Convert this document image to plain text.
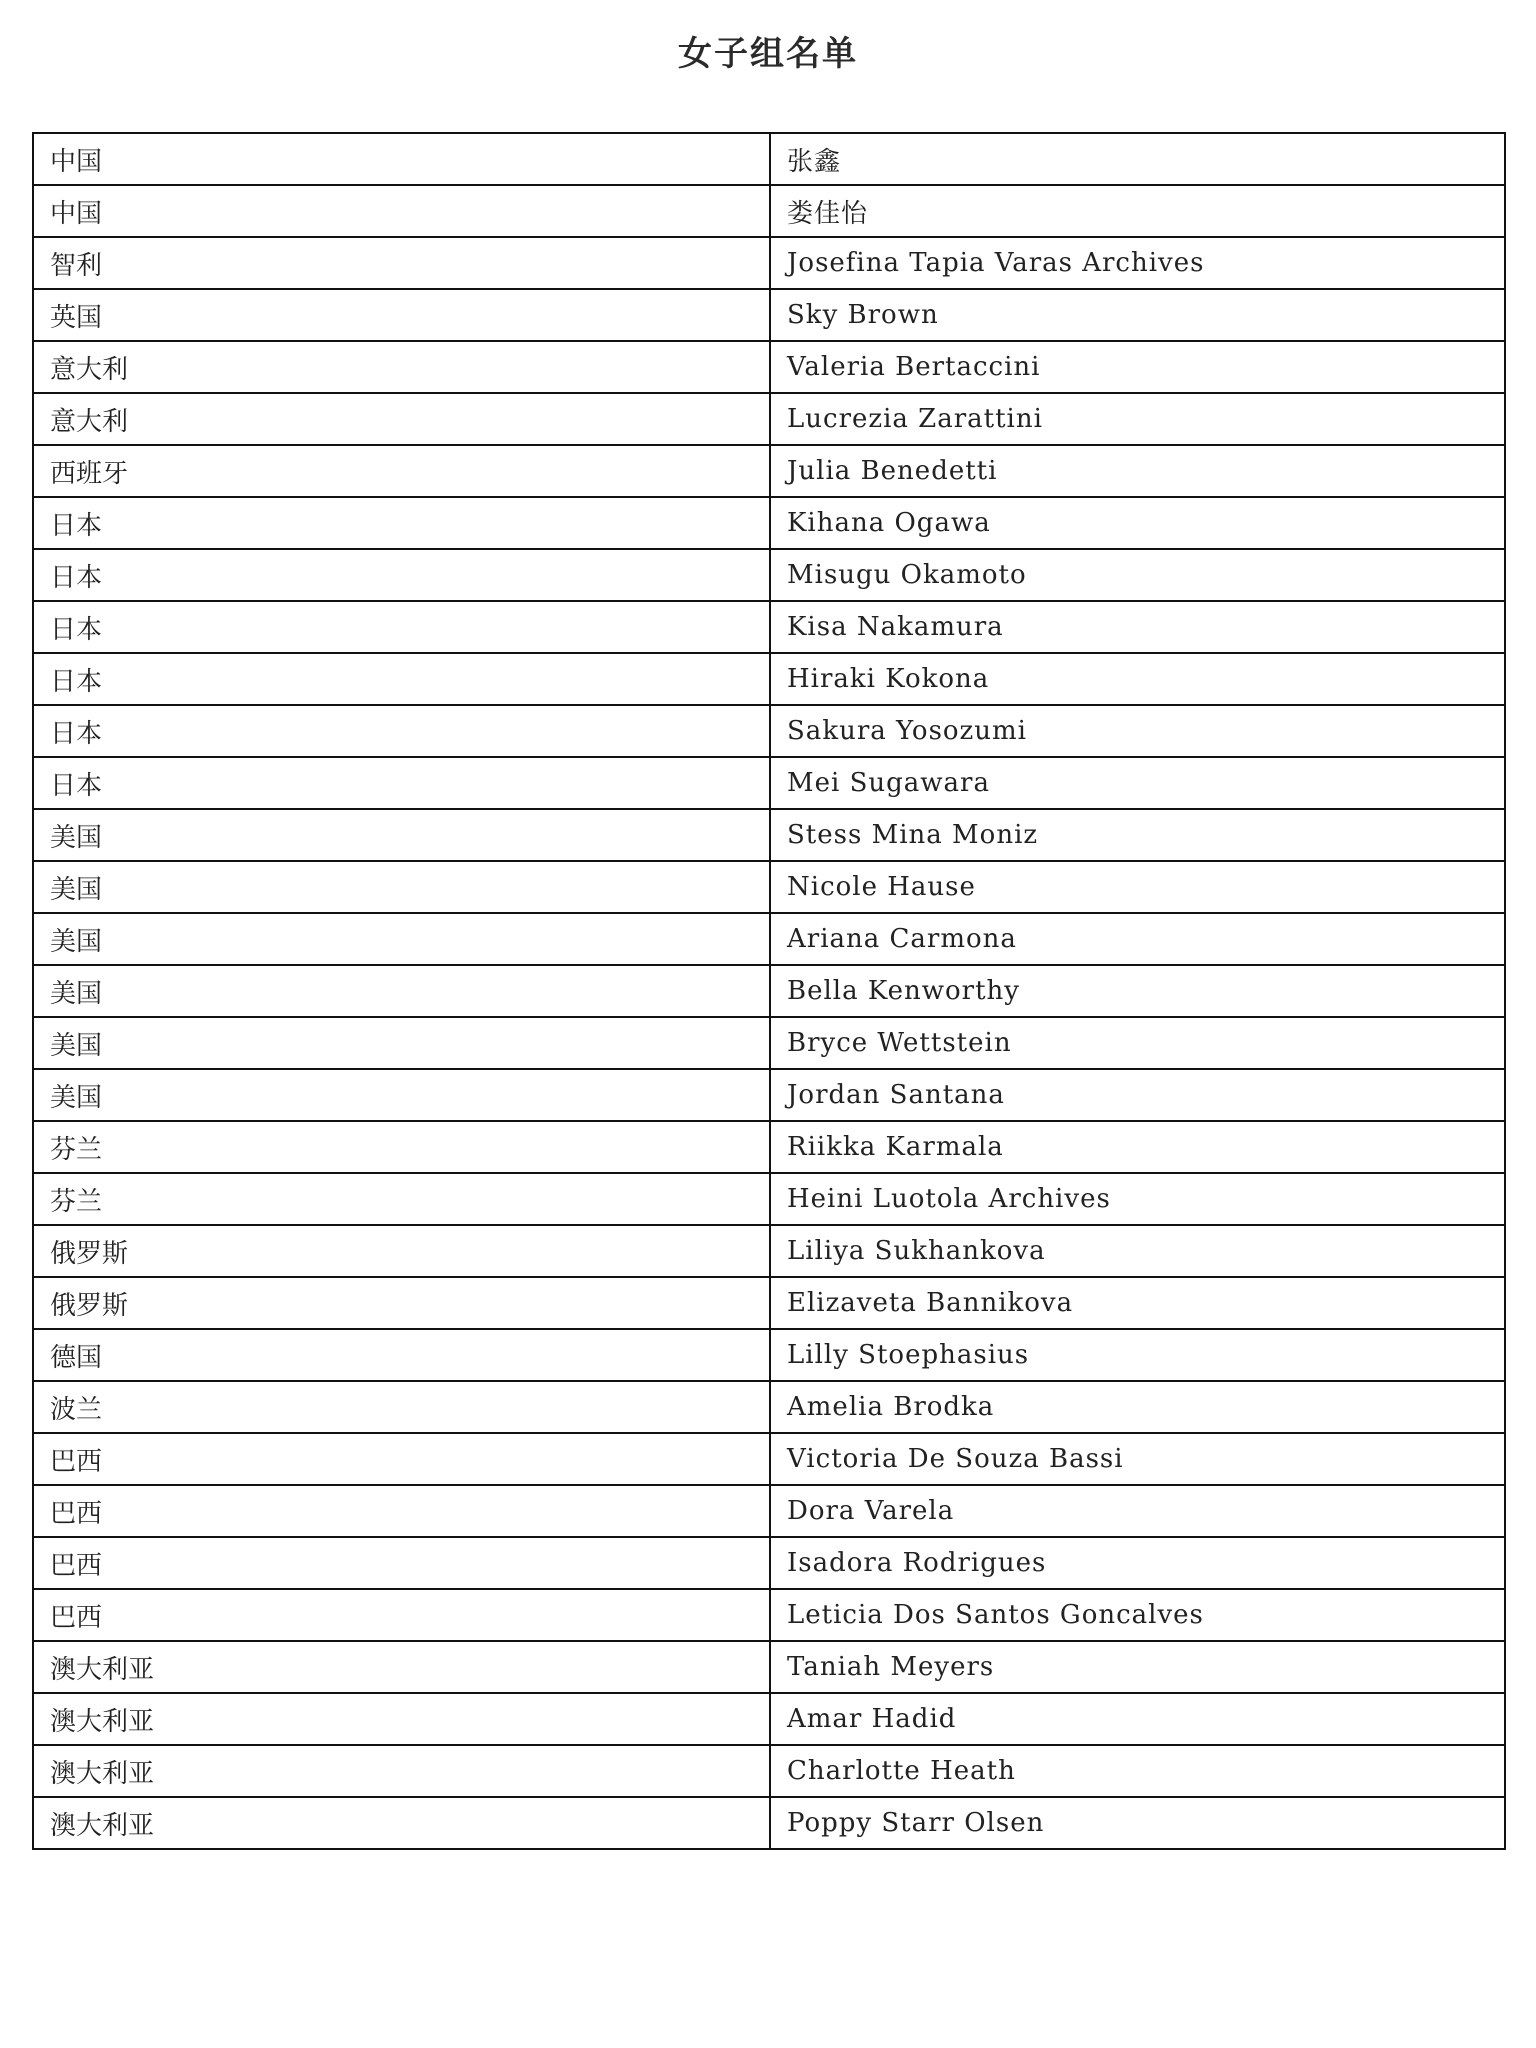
女子组名单
中国	张鑫
中国	娄佳怡
智利	Josefina Tapia Varas Archives
英国	Sky Brown
意大利	Valeria Bertaccini
意大利	Lucrezia Zarattini
西班牙	Julia Benedetti
日本	Kihana Ogawa
日本	Misugu Okamoto
日本	Kisa Nakamura
日本	Hiraki Kokona
日本	Sakura Yosozumi
日本	Mei Sugawara
美国	Stess Mina Moniz
美国	Nicole Hause
美国	Ariana Carmona
美国	Bella Kenworthy
美国	Bryce Wettstein
美国	Jordan Santana
芬兰	Riikka Karmala
芬兰	Heini Luotola Archives
俄罗斯	Liliya Sukhankova
俄罗斯	Elizaveta Bannikova
德国	Lilly Stoephasius
波兰	Amelia Brodka
巴西	Victoria De Souza Bassi
巴西	Dora Varela
巴西	Isadora Rodrigues
巴西	Leticia Dos Santos Goncalves
澳大利亚	Taniah Meyers
澳大利亚	Amar Hadid
澳大利亚	Charlotte Heath
澳大利亚	Poppy Starr Olsen
